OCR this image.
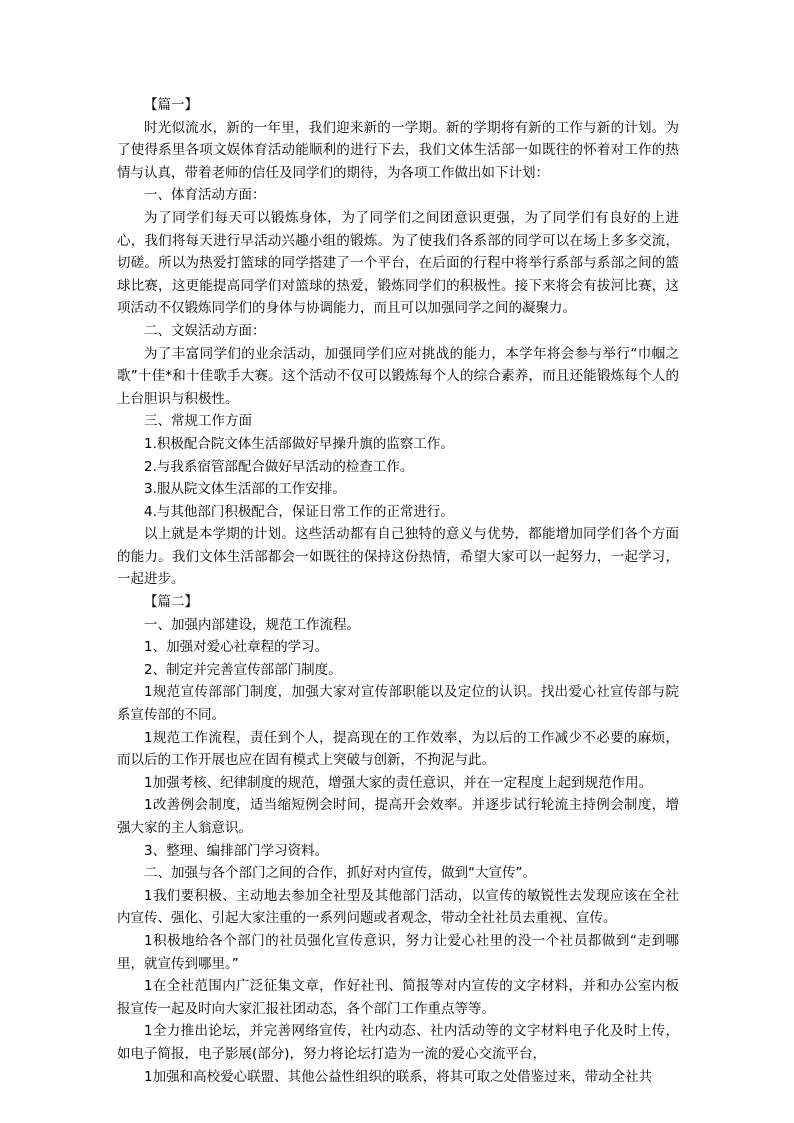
【篇一】

时光似流水，新的一年里，我们迎来新的一学期。新的学期将有新的工作与新的计划。为了使得系里各项文娱体育活动能顺利的进行下去，我们文体生活部一如既往的怀着对工作的热情与认真，带着老师的信任及同学们的期待，为各项工作做出如下计划：

一、体育活动方面：

为了同学们每天可以锻炼身体，为了同学们之间团意识更强，为了同学们有良好的上进心，我们将每天进行早活动兴趣小组的锻炼。为了使我们各系部的同学可以在场上多多交流，切磋。所以为热爱打篮球的同学搭建了一个平台，在后面的行程中将举行系部与系部之间的篮球比赛，这更能提高同学们对篮球的热爱，锻炼同学们的积极性。接下来将会有拔河比赛，这项活动不仅锻炼同学们的身体与协调能力，而且可以加强同学之间的凝聚力。

二、文娱活动方面：

为了丰富同学们的业余活动，加强同学们应对挑战的能力，本学年将会参与举行“巾帼之歌”十佳*和十佳歌手大赛。这个活动不仅可以锻炼每个人的综合素养，而且还能锻炼每个人的上台胆识与积极性。

三、常规工作方面

1.积极配合院文体生活部做好早操升旗的监察工作。

2.与我系宿管部配合做好早活动的检查工作。

3.服从院文体生活部的工作安排。

4.与其他部门积极配合，保证日常工作的正常进行。

以上就是本学期的计划。这些活动都有自己独特的意义与优势，都能增加同学们各个方面的能力。我们文体生活部都会一如既往的保持这份热情，希望大家可以一起努力，一起学习，一起进步。

【篇二】

一、加强内部建设，规范工作流程。

1、加强对爱心社章程的学习。

2、制定并完善宣传部部门制度。

1规范宣传部部门制度，加强大家对宣传部职能以及定位的认识。找出爱心社宣传部与院系宣传部的不同。

1规范工作流程，责任到个人，提高现在的工作效率，为以后的工作减少不必要的麻烦，而以后的工作开展也应在固有模式上突破与创新，不拘泥与此。

1加强考核、纪律制度的规范，增强大家的责任意识，并在一定程度上起到规范作用。

1改善例会制度，适当缩短例会时间，提高开会效率。并逐步试行轮流主持例会制度，增强大家的主人翁意识。

3、整理、编排部门学习资料。

二、加强与各个部门之间的合作，抓好对内宣传，做到“大宣传”。

1我们要积极、主动地去参加全社型及其他部门活动，以宣传的敏锐性去发现应该在全社内宣传、强化、引起大家注重的一系列问题或者观念，带动全社社员去重视、宣传。

1积极地给各个部门的社员强化宣传意识，努力让爱心社里的没一个社员都做到“走到哪里，就宣传到哪里。”

1在全社范围内广泛征集文章，作好社刊、简报等对内宣传的文字材料，并和办公室内板报宣传一起及时向大家汇报社团动态，各个部门工作重点等等。

1全力推出论坛，并完善网络宣传，社内动态、社内活动等的文字材料电子化及时上传，如电子简报，电子影展(部分)，努力将论坛打造为一流的爱心交流平台，

1加强和高校爱心联盟、其他公益性组织的联系，将其可取之处借鉴过来，带动全社共
